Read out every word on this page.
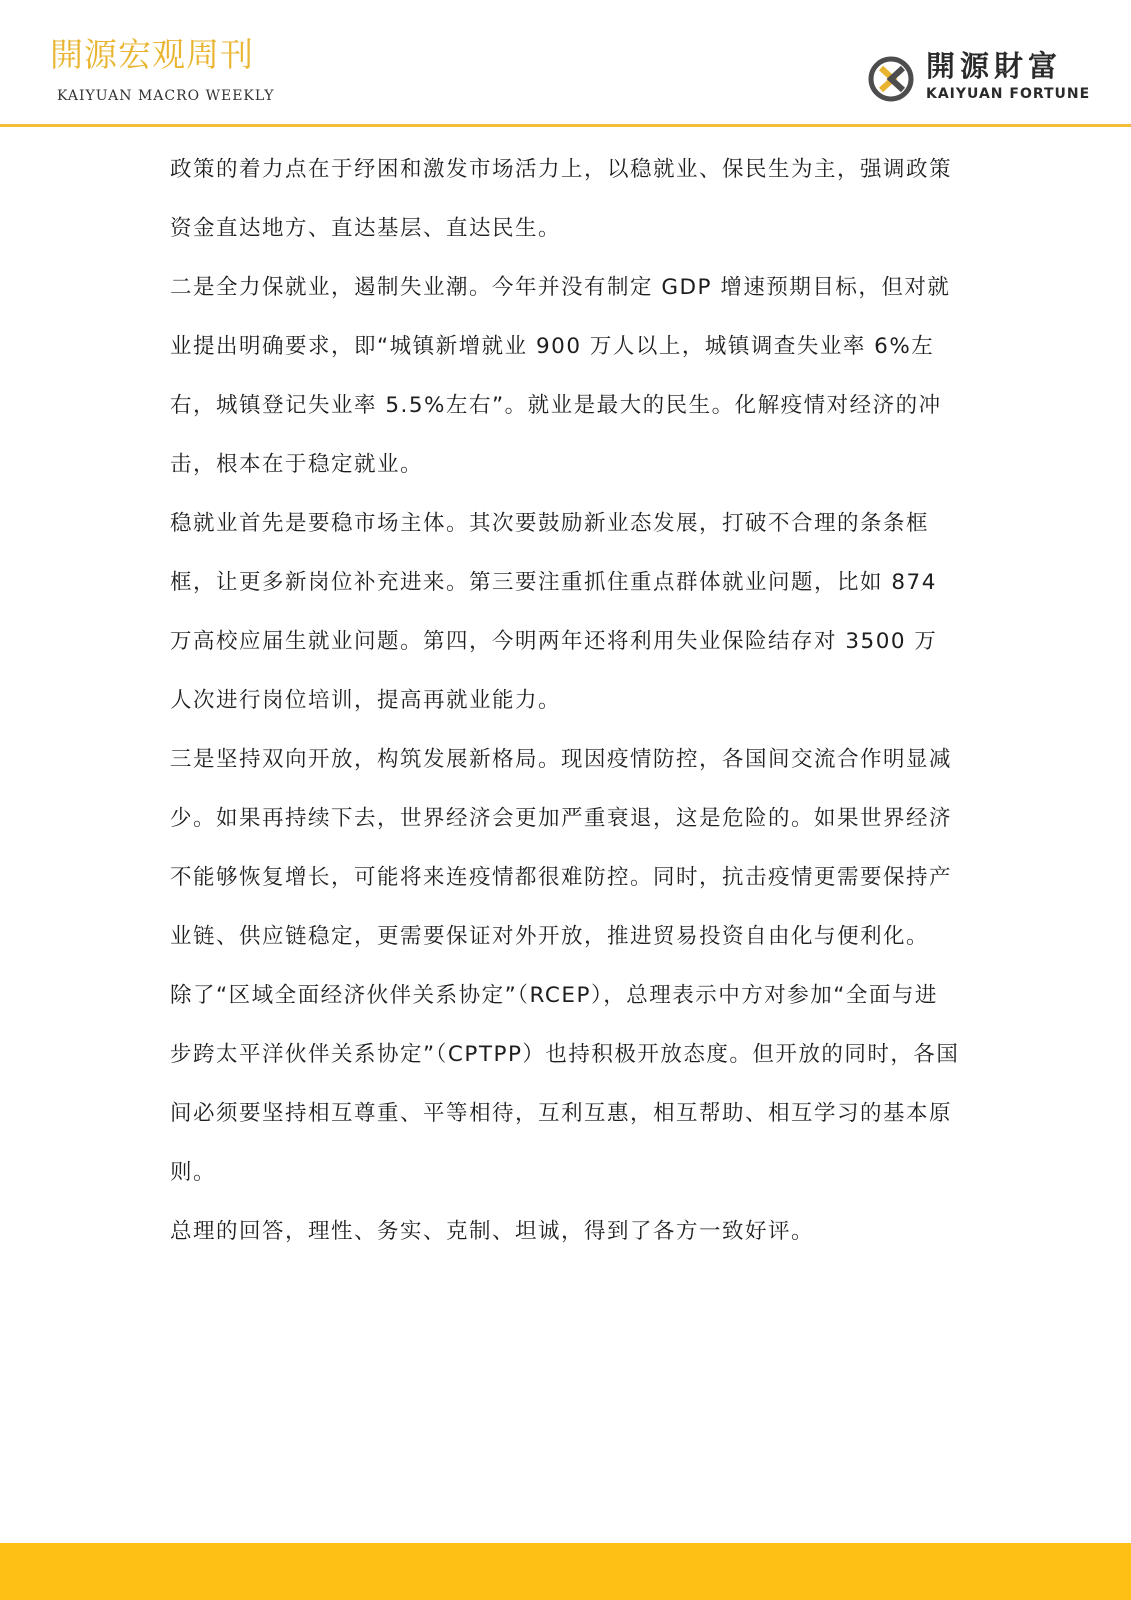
開源宏观周刊
KAIYUAN MACRO WEEKLY
開源財富
KAIYUAN FORTUNE

政策的着力点在于纾困和激发市场活力上，以稳就业、保民生为主，强调政策资金直达地方、直达基层、直达民生。

二是全力保就业，遏制失业潮。今年并没有制定 GDP 增速预期目标，但对就业提出明确要求，即“城镇新增就业 900 万人以上，城镇调查失业率 6%左右，城镇登记失业率 5.5%左右”。就业是最大的民生。化解疫情对经济的冲击，根本在于稳定就业。

稳就业首先是要稳市场主体。其次要鼓励新业态发展，打破不合理的条条框框，让更多新岗位补充进来。第三要注重抓住重点群体就业问题，比如 874 万高校应届生就业问题。第四，今明两年还将利用失业保险结存对 3500 万人次进行岗位培训，提高再就业能力。

三是坚持双向开放，构筑发展新格局。现因疫情防控，各国间交流合作明显减少。如果再持续下去，世界经济会更加严重衰退，这是危险的。如果世界经济不能够恢复增长，可能将来连疫情都很难防控。同时，抗击疫情更需要保持产业链、供应链稳定，更需要保证对外开放，推进贸易投资自由化与便利化。

除了“区域全面经济伙伴关系协定”（RCEP），总理表示中方对参加“全面与进步跨太平洋伙伴关系协定”（CPTPP）也持积极开放态度。但开放的同时，各国间必须要坚持相互尊重、平等相待，互利互惠，相互帮助、相互学习的基本原则。

总理的回答，理性、务实、克制、坦诚，得到了各方一致好评。
